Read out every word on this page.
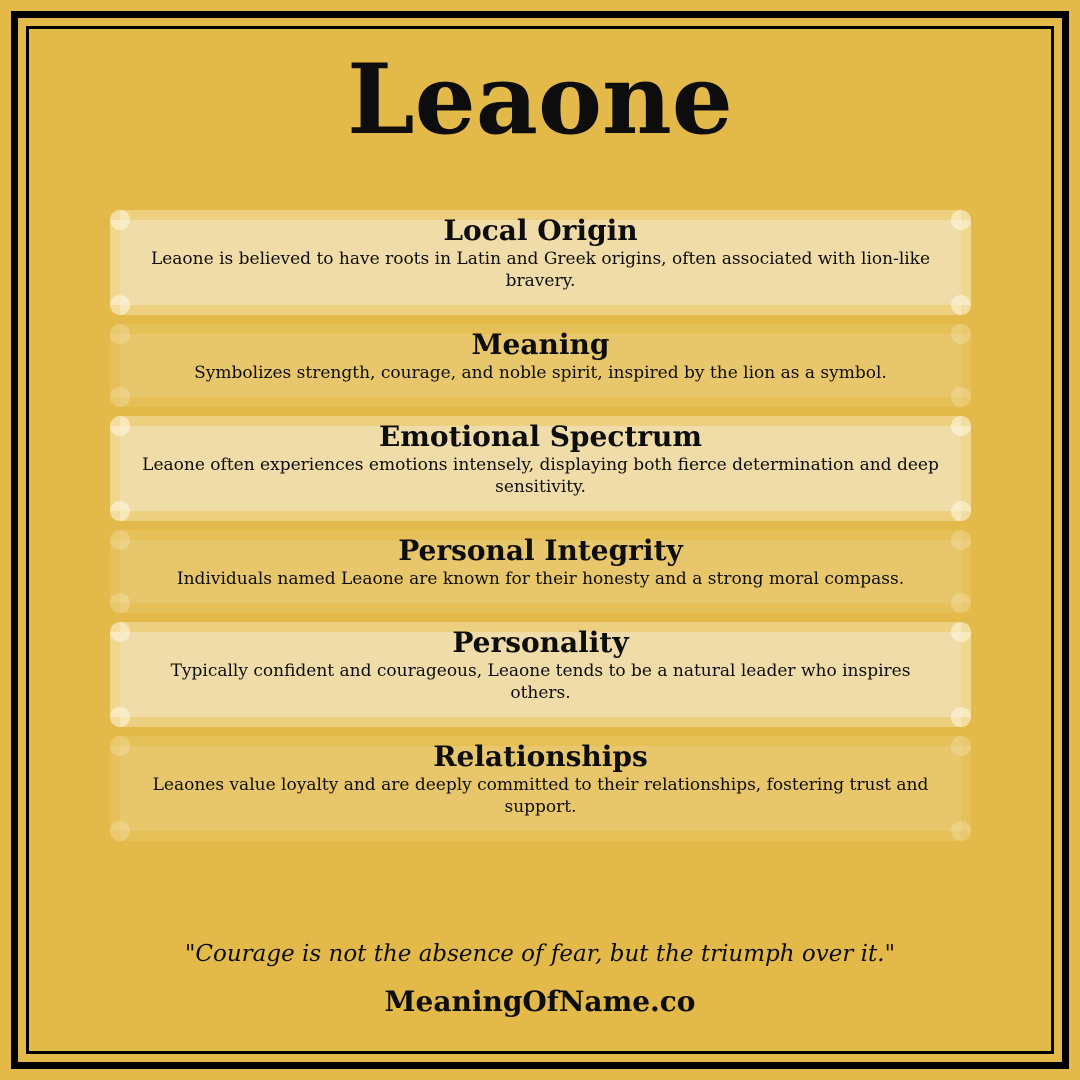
Leaone
Local Origin

Leaone is believed to have roots in Latin and Greek origins, often associated with lion-like bravery.

Meaning

Symbolizes strength, courage, and noble spirit, inspired by the lion as a symbol.

Emotional Spectrum

Leaone often experiences emotions intensely, displaying both fierce determination and deep sensitivity.

Personal Integrity

Individuals named Leaone are known for their honesty and a strong moral compass.

Personality

Typically confident and courageous, Leaone tends to be a natural leader who inspires others.

Relationships

Leaones value loyalty and are deeply committed to their relationships, fostering trust and support.

"Courage is not the absence of fear, but the triumph over it."
MeaningOfName.co
